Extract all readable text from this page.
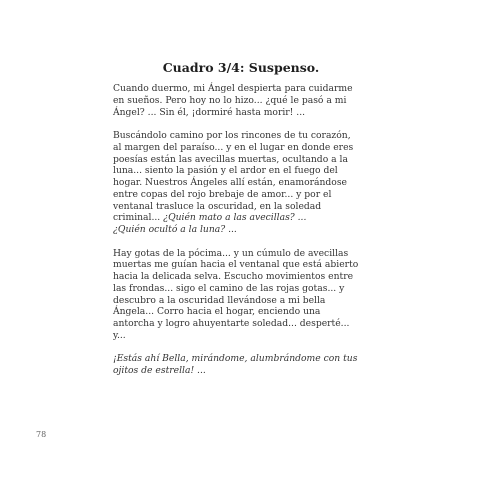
Cuadro 3/4: Suspenso.

Cuando duermo, mi Ángel despierta para cuidarme
en sueños. Pero hoy no lo hizo... ¿qué le pasó a mi
Ángel? ... Sin él, ¡dormiré hasta morir! ...

Buscándolo camino por los rincones de tu corazón,
al margen del paraíso... y en el lugar en donde eres
poesías están las avecillas muertas, ocultando a la
luna... siento la pasión y el ardor en el fuego del
hogar. Nuestros Ángeles allí están, enamorándose
entre copas del rojo brebaje de amor... y por el
ventanal trasluce la oscuridad, en la soledad
criminal... ¿Quién mato a las avecillas? ...
¿Quién ocultó a la luna? ...

Hay gotas de la pócima... y un cúmulo de avecillas
muertas me guían hacia el ventanal que está abierto
hacia la delicada selva. Escucho movimientos entre
las frondas... sigo el camino de las rojas gotas... y
descubro a la oscuridad llevándose a mi bella
Ángela... Corro hacia el hogar, enciendo una
antorcha y logro ahuyentarte soledad... desperté...
y...

¡Estás ahí Bella, mirándome, alumbrándome con tus
ojitos de estrella! ...

78
